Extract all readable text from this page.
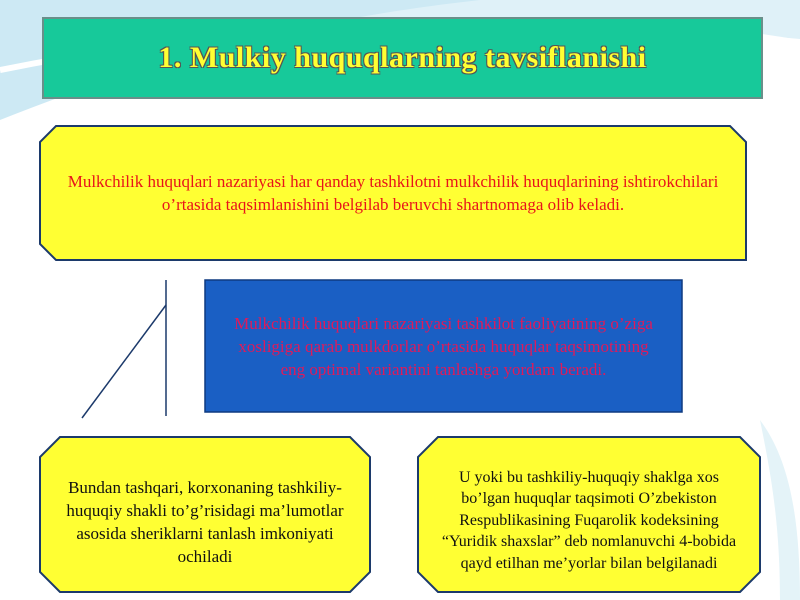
1. Mulkiy huquqlarning tavsiflanishi
Mulkchilik huquqlari nazariyasi har qanday tashkilotni mulkchilik huquqlarining ishtirokchilari o’rtasida taqsimlanishini belgilab beruvchi shartnomaga olib keladi.
Mulkchilik huquqlari nazariyasi tashkilot faoliyatining o’ziga xosligiga qarab mulkdorlar o’rtasida huquqlar taqsimotining eng optimal variantini tanlashga yordam beradi.
Bundan tashqari, korxonaning tashkiliy-huquqiy shakli to’g’risidagi ma’lumotlar asosida sheriklarni tanlash imkoniyati ochiladi
U yoki bu tashkiliy-huquqiy shaklga xos bo’lgan huquqlar taqsimoti O’zbekiston Respublikasining Fuqarolik kodeksining “Yuridik shaxslar” deb nomlanuvchi 4-bobida qayd etilhan me’yorlar bilan belgilanadi
